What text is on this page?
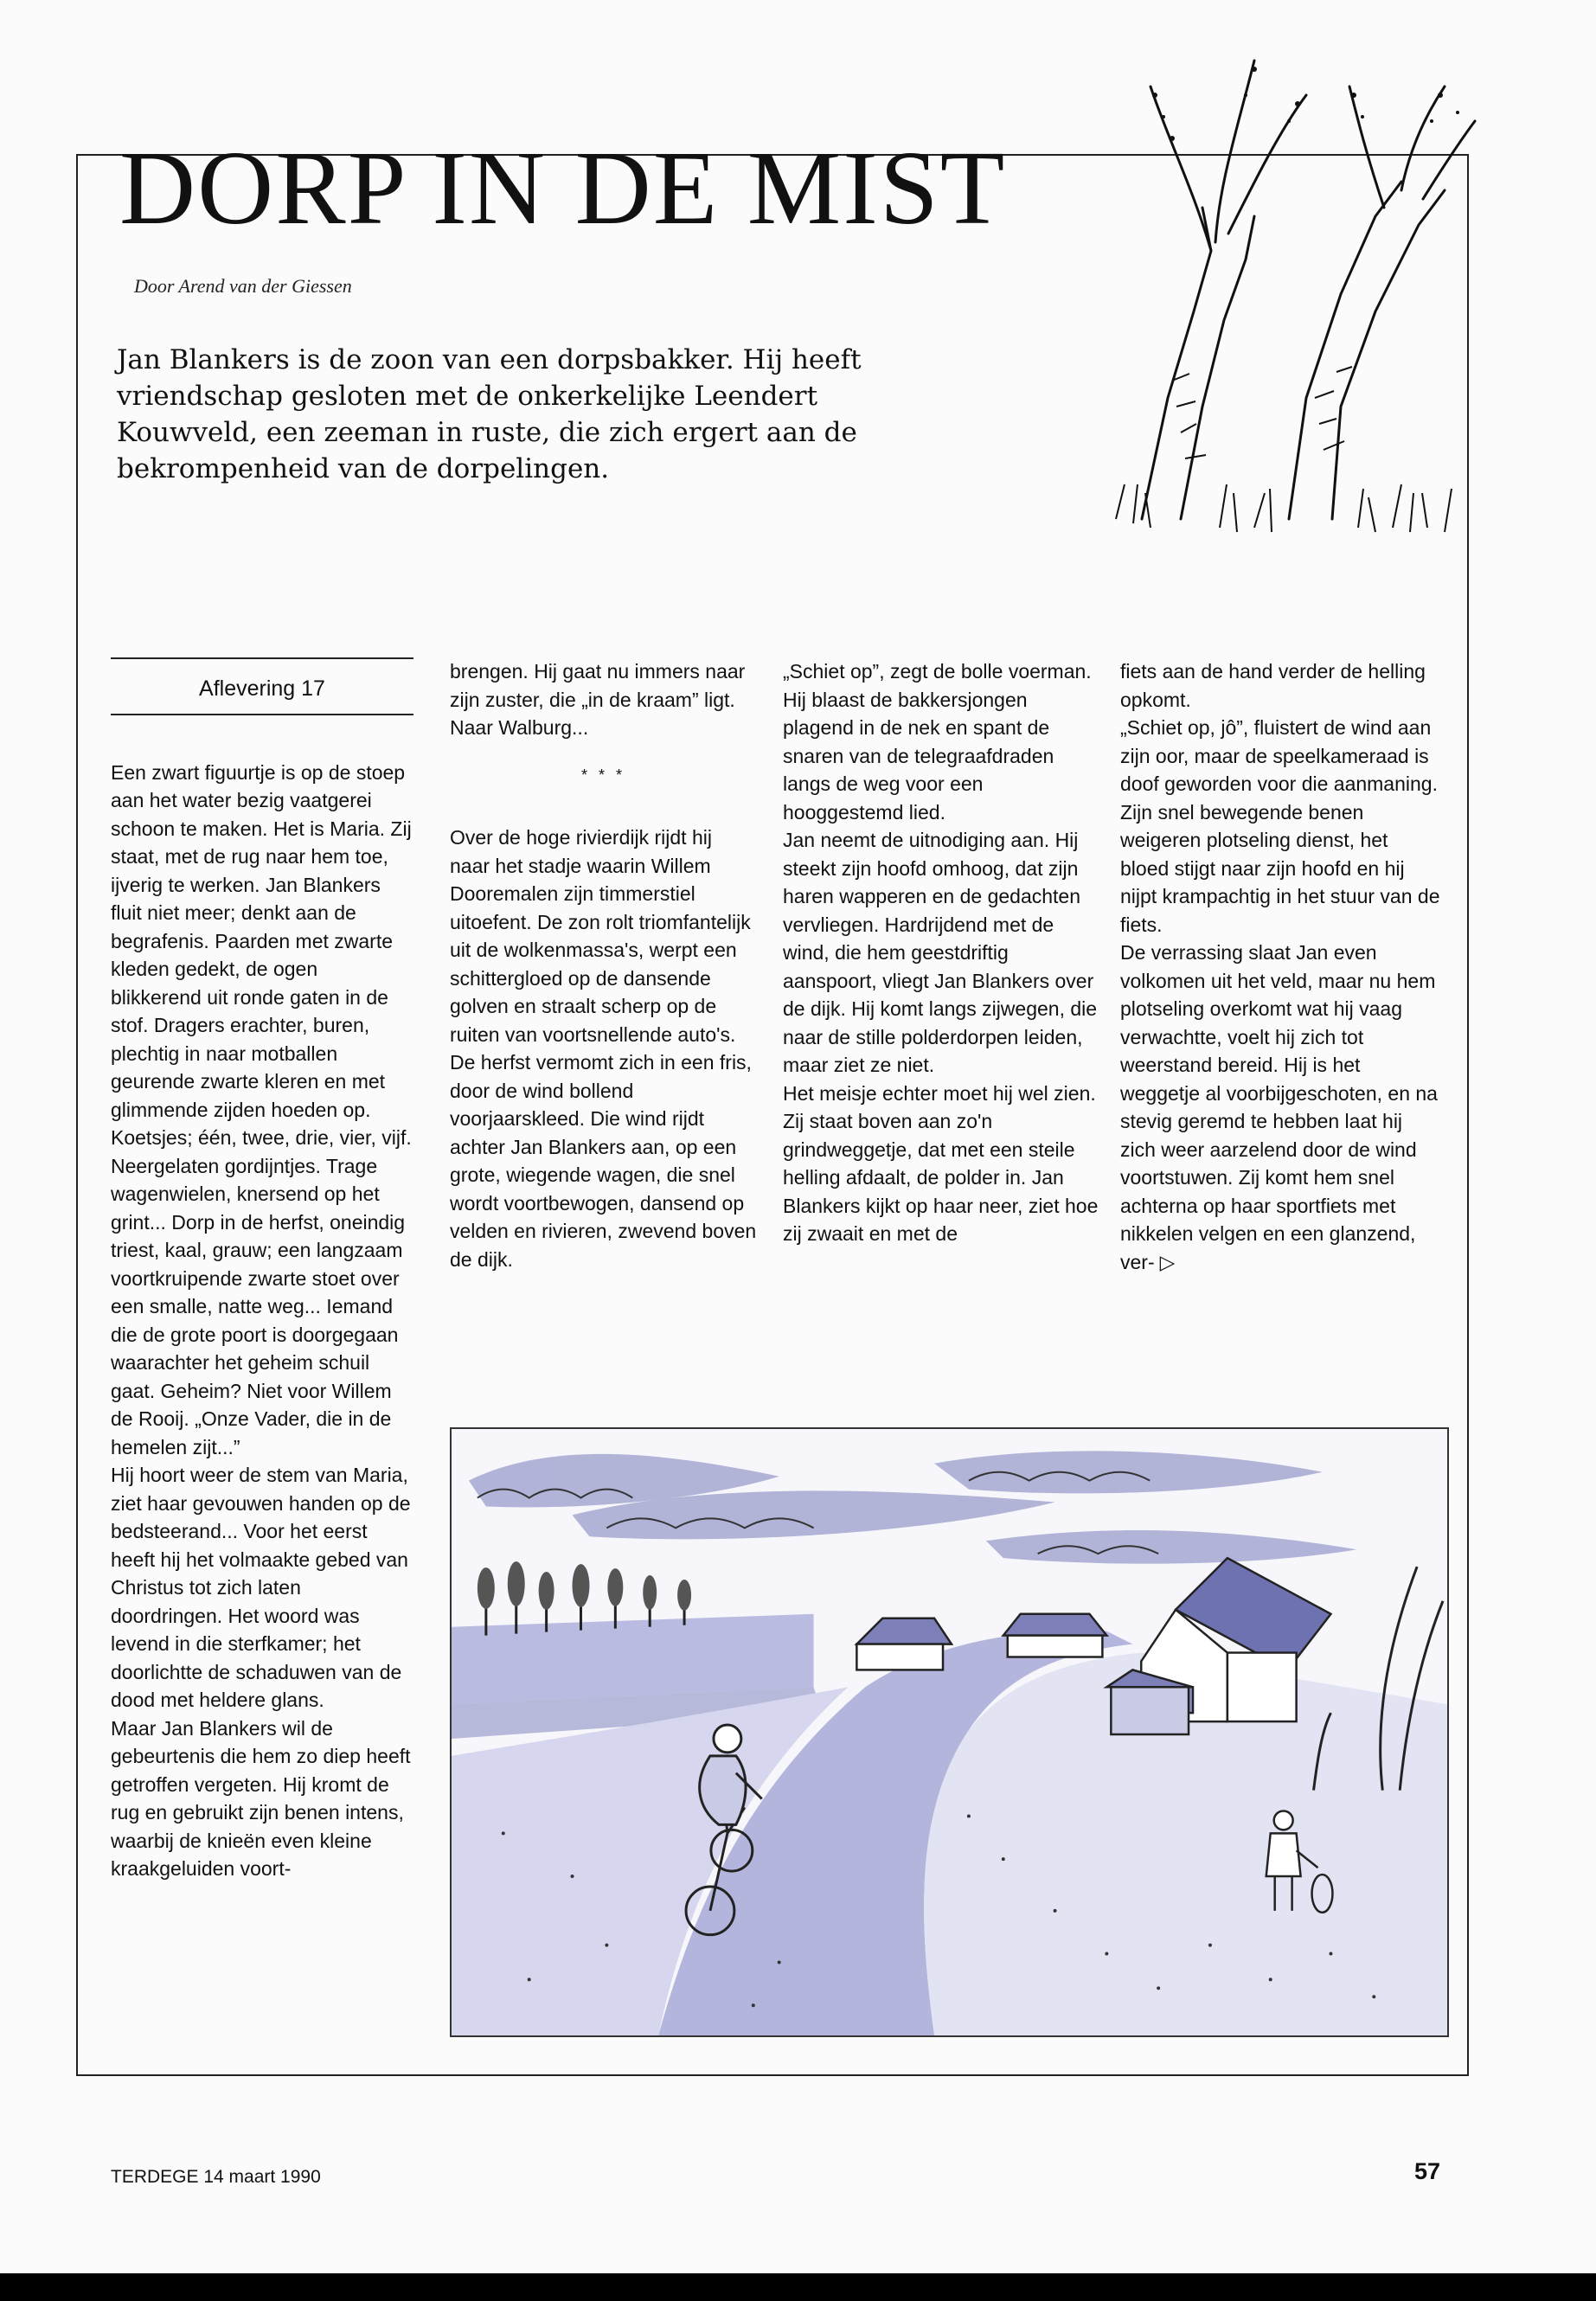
DORP IN DE MIST
Door Arend van der Giessen

Jan Blankers is de zoon van een dorpsbakker. Hij heeft vriendschap gesloten met de onkerkelijke Leendert Kouwveld, een zeeman in ruste, die zich ergert aan de bekrompenheid van de dorpelingen.

Aflevering 17

Een zwart figuurtje is op de stoep aan het water bezig vaatgerei schoon te maken. Het is Maria. Zij staat, met de rug naar hem toe, ijverig te werken. Jan Blankers fluit niet meer; denkt aan de begrafenis. Paarden met zwarte kleden gedekt, de ogen blikkerend uit ronde gaten in de stof. Dragers erachter, buren, plechtig in naar motballen geurende zwarte kleren en met glimmende zijden hoeden op.

Koetsjes; één, twee, drie, vier, vijf. Neergelaten gordijntjes. Trage wagenwielen, knersend op het grint... Dorp in de herfst, oneindig triest, kaal, grauw; een langzaam voortkruipende zwarte stoet over een smalle, natte weg... Iemand die de grote poort is doorgegaan waarachter het geheim schuil gaat. Geheim? Niet voor Willem de Rooij. „Onze Vader, die in de hemelen zijt...”

Hij hoort weer de stem van Maria, ziet haar gevouwen handen op de bedsteerand... Voor het eerst heeft hij het volmaakte gebed van Christus tot zich laten doordringen. Het woord was levend in die sterfkamer; het doorlichtte de schaduwen van de dood met heldere glans.

Maar Jan Blankers wil de gebeurtenis die hem zo diep heeft getroffen vergeten. Hij kromt de rug en gebruikt zijn benen intens, waarbij de knieën even kleine kraakgeluiden voort-

brengen. Hij gaat nu immers naar zijn zuster, die „in de kraam” ligt. Naar Walburg...

* * *

Over de hoge rivierdijk rijdt hij naar het stadje waarin Willem Dooremalen zijn timmerstiel uitoefent. De zon rolt triomfantelijk uit de wolkenmassa's, werpt een schittergloed op de dansende golven en straalt scherp op de ruiten van voortsnellende auto's. De herfst vermomt zich in een fris, door de wind bollend voorjaarskleed. Die wind rijdt achter Jan Blankers aan, op een grote, wiegende wagen, die snel wordt voortbewogen, dansend op velden en rivieren, zwevend boven de dijk.

„Schiet op”, zegt de bolle voerman. Hij blaast de bakkersjongen plagend in de nek en spant de snaren van de telegraafdraden langs de weg voor een hooggestemd lied.

Jan neemt de uitnodiging aan. Hij steekt zijn hoofd omhoog, dat zijn haren wapperen en de gedachten vervliegen. Hardrijdend met de wind, die hem geestdriftig aanspoort, vliegt Jan Blankers over de dijk. Hij komt langs zijwegen, die naar de stille polderdorpen leiden, maar ziet ze niet.

Het meisje echter moet hij wel zien. Zij staat boven aan zo'n grindweggetje, dat met een steile helling afdaalt, de polder in. Jan Blankers kijkt op haar neer, ziet hoe zij zwaait en met de

fiets aan de hand verder de helling opkomt.

„Schiet op, jô”, fluistert de wind aan zijn oor, maar de speelkameraad is doof geworden voor die aanmaning. Zijn snel bewegende benen weigeren plotseling dienst, het bloed stijgt naar zijn hoofd en hij nijpt krampachtig in het stuur van de fiets.

De verrassing slaat Jan even volkomen uit het veld, maar nu hem plotseling overkomt wat hij vaag verwachtte, voelt hij zich tot weerstand bereid. Hij is het weggetje al voorbijgeschoten, en na stevig geremd te hebben laat hij zich weer aarzelend door de wind voortstuwen. Zij komt hem snel achterna op haar sportfiets met nikkelen velgen en een glanzend, ver- ▷

TERDEGE 14 maart 1990	57
